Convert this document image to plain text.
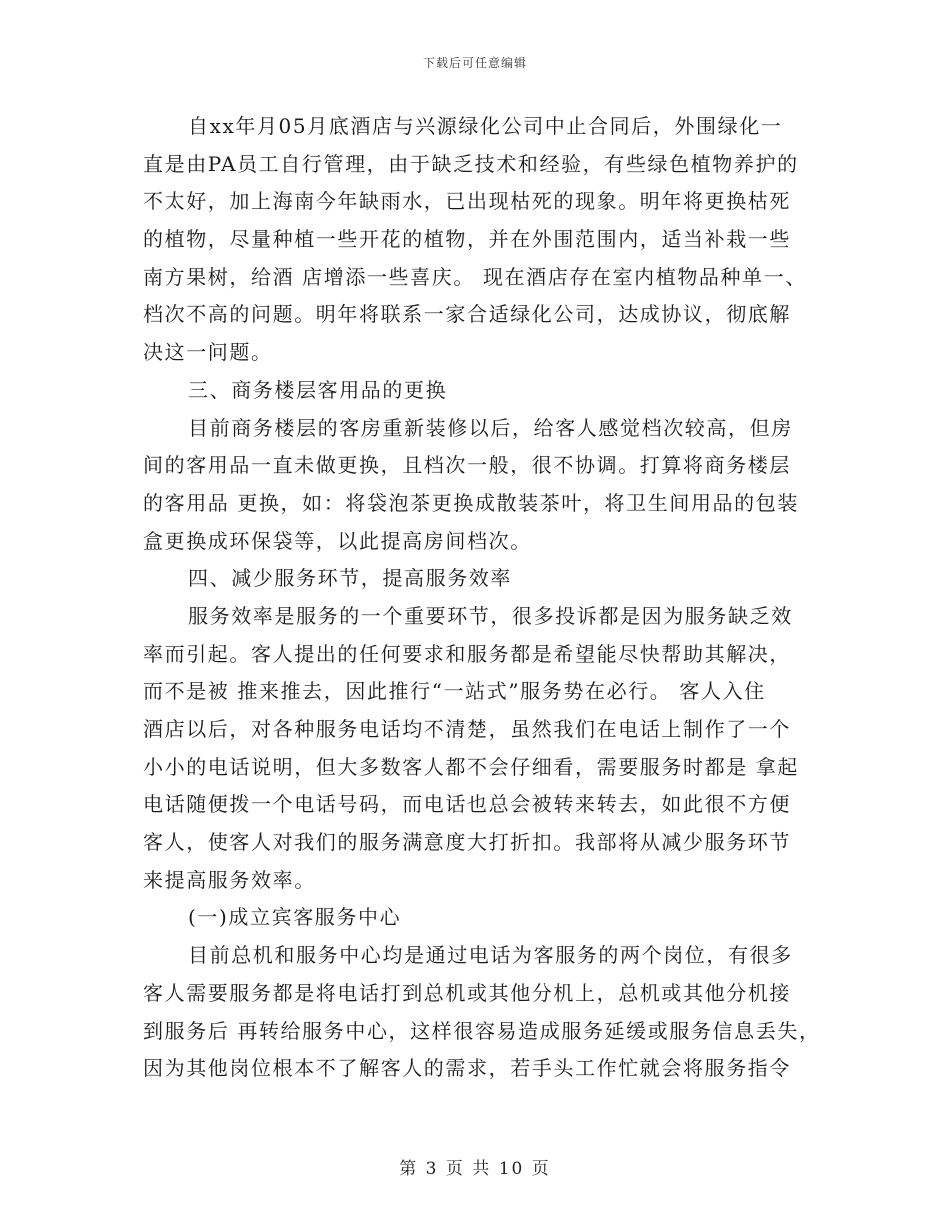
下载后可任意编辑
自xx年月05月底酒店与兴源绿化公司中止合同后，外围绿化一
直是由PA员工自行管理，由于缺乏技术和经验，有些绿色植物养护的
不太好，加上海南今年缺雨水，已出现枯死的现象。明年将更换枯死
的植物，尽量种植一些开花的植物，并在外围范围内，适当补栽一些
南方果树，给酒 店增添一些喜庆。 现在酒店存在室内植物品种单一、
档次不高的问题。明年将联系一家合适绿化公司，达成协议，彻底解
决这一问题。
三、商务楼层客用品的更换
目前商务楼层的客房重新装修以后，给客人感觉档次较高，但房
间的客用品一直未做更换，且档次一般，很不协调。打算将商务楼层
的客用品 更换，如：将袋泡茶更换成散装茶叶，将卫生间用品的包装
盒更换成环保袋等，以此提高房间档次。
四、减少服务环节，提高服务效率
服务效率是服务的一个重要环节，很多投诉都是因为服务缺乏效
率而引起。客人提出的任何要求和服务都是希望能尽快帮助其解决，
而不是被 推来推去，因此推行“一站式”服务势在必行。 客人入住
酒店以后，对各种服务电话均不清楚，虽然我们在电话上制作了一个
小小的电话说明，但大多数客人都不会仔细看，需要服务时都是 拿起
电话随便拨一个电话号码，而电话也总会被转来转去，如此很不方便
客人，使客人对我们的服务满意度大打折扣。我部将从减少服务环节
来提高服务效率。
(一)成立宾客服务中心
目前总机和服务中心均是通过电话为客服务的两个岗位，有很多
客人需要服务都是将电话打到总机或其他分机上，总机或其他分机接
到服务后 再转给服务中心，这样很容易造成服务延缓或服务信息丢失，
因为其他岗位根本不了解客人的需求，若手头工作忙就会将服务指令
第 3 页 共 10 页
